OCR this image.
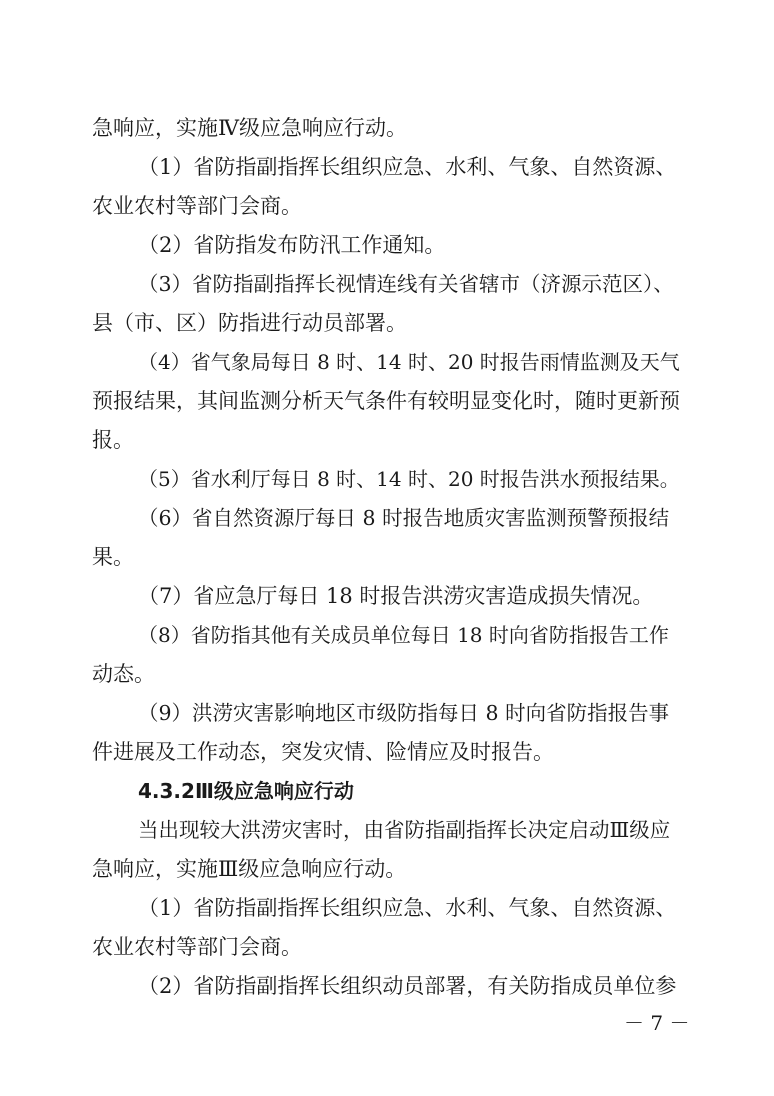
急响应，实施Ⅳ级应急响应行动。
（1）省防指副指挥长组织应急、水利、气象、自然资源、
农业农村等部门会商。
（2）省防指发布防汛工作通知。
（3）省防指副指挥长视情连线有关省辖市（济源示范区）、
县（市、区）防指进行动员部署。
（4）省气象局每日 8 时、14 时、20 时报告雨情监测及天气
预报结果，其间监测分析天气条件有较明显变化时，随时更新预
报。
（5）省水利厅每日 8 时、14 时、20 时报告洪水预报结果。
（6）省自然资源厅每日 8 时报告地质灾害监测预警预报结
果。
（7）省应急厅每日 18 时报告洪涝灾害造成损失情况。
（8）省防指其他有关成员单位每日 18 时向省防指报告工作
动态。
（9）洪涝灾害影响地区市级防指每日 8 时向省防指报告事
件进展及工作动态，突发灾情、险情应及时报告。
4.3.2Ⅲ级应急响应行动
当出现较大洪涝灾害时，由省防指副指挥长决定启动Ⅲ级应
急响应，实施Ⅲ级应急响应行动。
（1）省防指副指挥长组织应急、水利、气象、自然资源、
农业农村等部门会商。
（2）省防指副指挥长组织动员部署，有关防指成员单位参
－ 7 －
